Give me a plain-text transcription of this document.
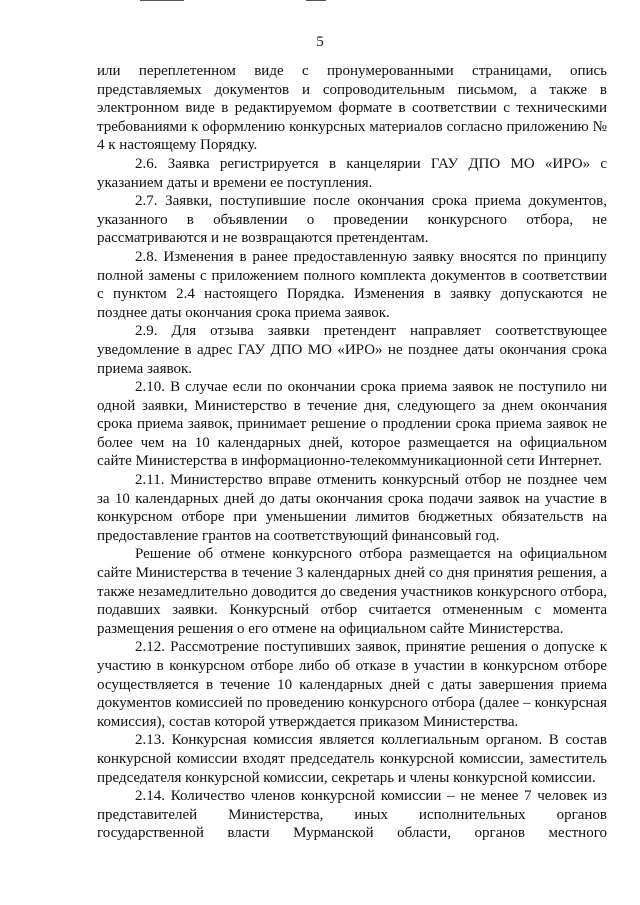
5

или переплетенном виде с пронумерованными страницами, опись представляемых документов и сопроводительным письмом, а также в электронном виде в редактируемом формате в соответствии с техническими требованиями к оформлению конкурсных материалов согласно приложению № 4 к настоящему Порядку.

2.6. Заявка регистрируется в канцелярии ГАУ ДПО МО «ИРО» с указанием даты и времени ее поступления.

2.7. Заявки, поступившие после окончания срока приема документов, указанного в объявлении о проведении конкурсного отбора, не рассматриваются и не возвращаются претендентам.

2.8. Изменения в ранее предоставленную заявку вносятся по принципу полной замены с приложением полного комплекта документов в соответствии с пунктом 2.4 настоящего Порядка. Изменения в заявку допускаются не позднее даты окончания срока приема заявок.

2.9. Для отзыва заявки претендент направляет соответствующее уведомление в адрес ГАУ ДПО МО «ИРО» не позднее даты окончания срока приема заявок.

2.10. В случае если по окончании срока приема заявок не поступило ни одной заявки, Министерство в течение дня, следующего за днем окончания срока приема заявок, принимает решение о продлении срока приема заявок не более чем на 10 календарных дней, которое размещается на официальном сайте Министерства в информационно-телекоммуникационной сети Интернет.

2.11. Министерство вправе отменить конкурсный отбор не позднее чем за 10 календарных дней до даты окончания срока подачи заявок на участие в конкурсном отборе при уменьшении лимитов бюджетных обязательств на предоставление грантов на соответствующий финансовый год.

Решение об отмене конкурсного отбора размещается на официальном сайте Министерства в течение 3 календарных дней со дня принятия решения, а также незамедлительно доводится до сведения участников конкурсного отбора, подавших заявки. Конкурсный отбор считается отмененным с момента размещения решения о его отмене на официальном сайте Министерства.

2.12. Рассмотрение поступивших заявок, принятие решения о допуске к участию в конкурсном отборе либо об отказе в участии в конкурсном отборе осуществляется в течение 10 календарных дней с даты завершения приема документов комиссией по проведению конкурсного отбора (далее – конкурсная комиссия), состав которой утверждается приказом Министерства.

2.13. Конкурсная комиссия является коллегиальным органом. В состав конкурсной комиссии входят председатель конкурсной комиссии, заместитель председателя конкурсной комиссии, секретарь и члены конкурсной комиссии.

2.14. Количество членов конкурсной комиссии – не менее 7 человек из представителей Министерства, иных исполнительных органов государственной власти Мурманской области, органов местного
